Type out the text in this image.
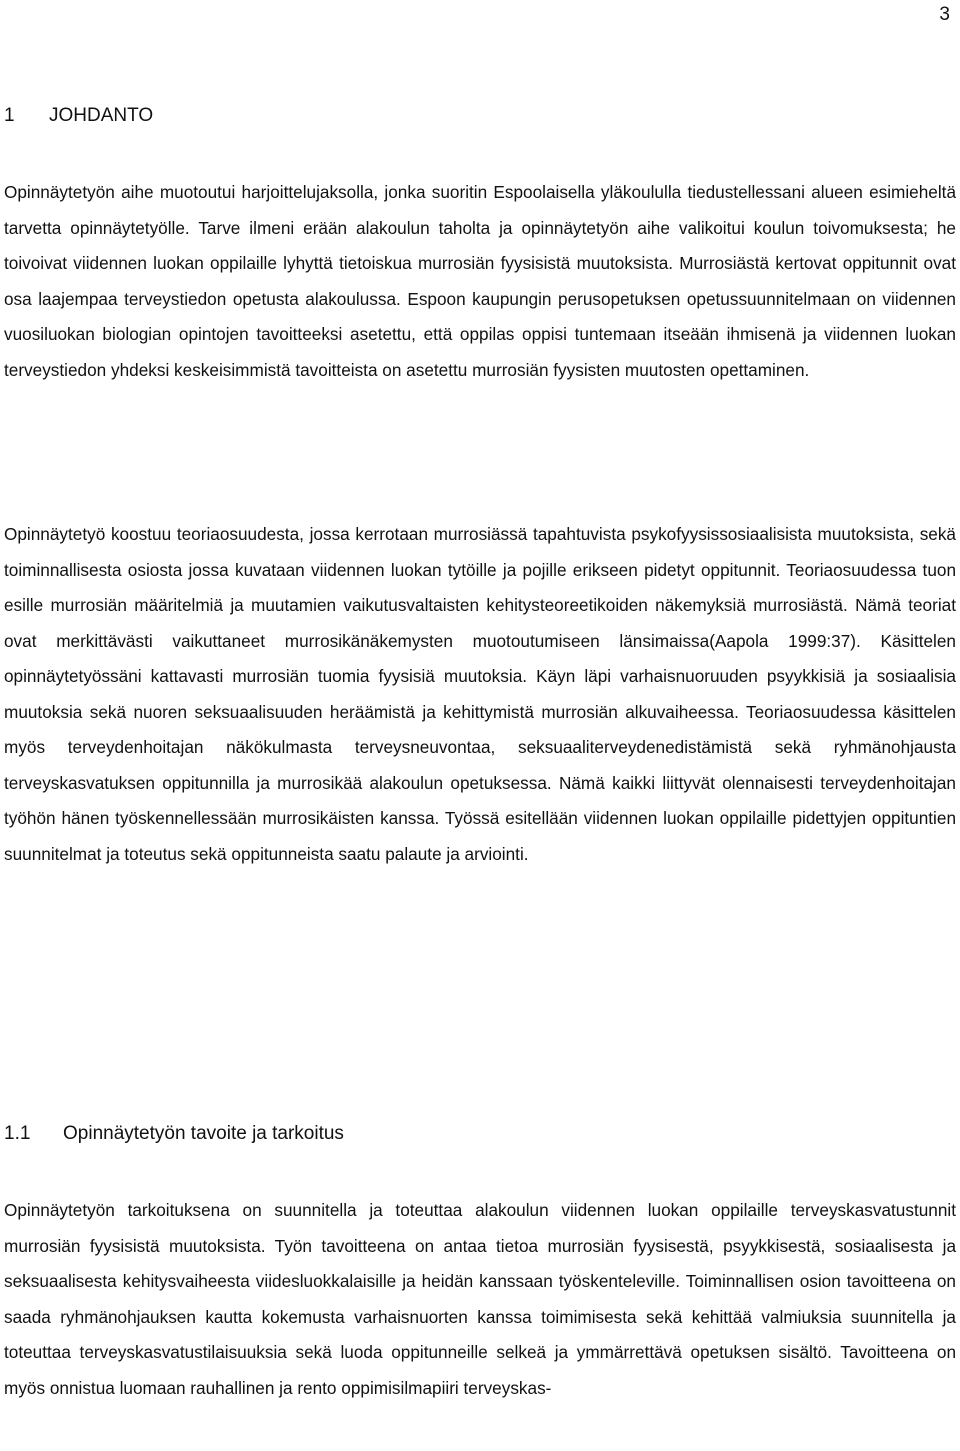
3
1 JOHDANTO

Opinnäytetyön aihe muotoutui harjoittelujaksolla, jonka suoritin Espoolaisella yläkoululla tiedustellessani alueen esimieheltä tarvetta opinnäytetyölle. Tarve ilmeni erään alakoulun taholta ja opinnäytetyön aihe valikoitui koulun toivomuksesta; he toivoivat viidennen luokan oppilaille lyhyttä tietoiskua murrosiän fyysisistä muutoksista. Murrosiästä kertovat oppitunnit ovat osa laajempaa terveystiedon opetusta alakoulussa. Espoon kaupungin perusopetuksen opetussuunnitelmaan on viidennen vuosiluokan biologian opintojen tavoitteeksi asetettu, että oppilas oppisi tuntemaan itseään ihmisenä ja viidennen luokan terveystiedon yhdeksi keskeisimmistä tavoitteista on asetettu murrosiän fyysisten muutosten opettaminen.

Opinnäytetyö koostuu teoriaosuudesta, jossa kerrotaan murrosiässä tapahtuvista psykofyysissosiaalisista muutoksista, sekä toiminnallisesta osiosta jossa kuvataan viidennen luokan tytöille ja pojille erikseen pidetyt oppitunnit. Teoriaosuudessa tuon esille murrosiän määritelmiä ja muutamien vaikutusvaltaisten kehitysteoreetikoiden näkemyksiä murrosiästä. Nämä teoriat ovat merkittävästi vaikuttaneet murrosikänäkemysten muotoutumiseen länsimaissa(Aapola 1999:37). Käsittelen opinnäytetyössäni kattavasti murrosiän tuomia fyysisiä muutoksia. Käyn läpi varhaisnuoruuden psyykkisiä ja sosiaalisia muutoksia sekä nuoren seksuaalisuuden heräämistä ja kehittymistä murrosiän alkuvaiheessa. Teoriaosuudessa käsittelen myös terveydenhoitajan näkökulmasta terveysneuvontaa, seksuaaliterveydenedistämistä sekä ryhmänohjausta terveyskasvatuksen oppitunnilla ja murrosikää alakoulun opetuksessa. Nämä kaikki liittyvät olennaisesti terveydenhoitajan työhön hänen työskennellessään murrosikäisten kanssa. Työssä esitellään viidennen luokan oppilaille pidettyjen oppituntien suunnitelmat ja toteutus sekä oppitunneista saatu palaute ja arviointi.

1.1 Opinnäytetyön tavoite ja tarkoitus

Opinnäytetyön tarkoituksena on suunnitella ja toteuttaa alakoulun viidennen luokan oppilaille terveyskasvatustunnit murrosiän fyysisistä muutoksista. Työn tavoitteena on antaa tietoa murrosiän fyysisestä, psyykkisestä, sosiaalisesta ja seksuaalisesta kehitysvaiheesta viidesluokkalaisille ja heidän kanssaan työskenteleville. Toiminnallisen osion tavoitteena on saada ryhmänohjauksen kautta kokemusta varhaisnuorten kanssa toimimisesta sekä kehittää valmiuksia suunnitella ja toteuttaa terveyskasvatustilaisuuksia sekä luoda oppitunneille selkeä ja ymmärrettävä opetuksen sisältö. Tavoitteena on myös onnistua luomaan rauhallinen ja rento oppimisilmapiiri terveyskas-
